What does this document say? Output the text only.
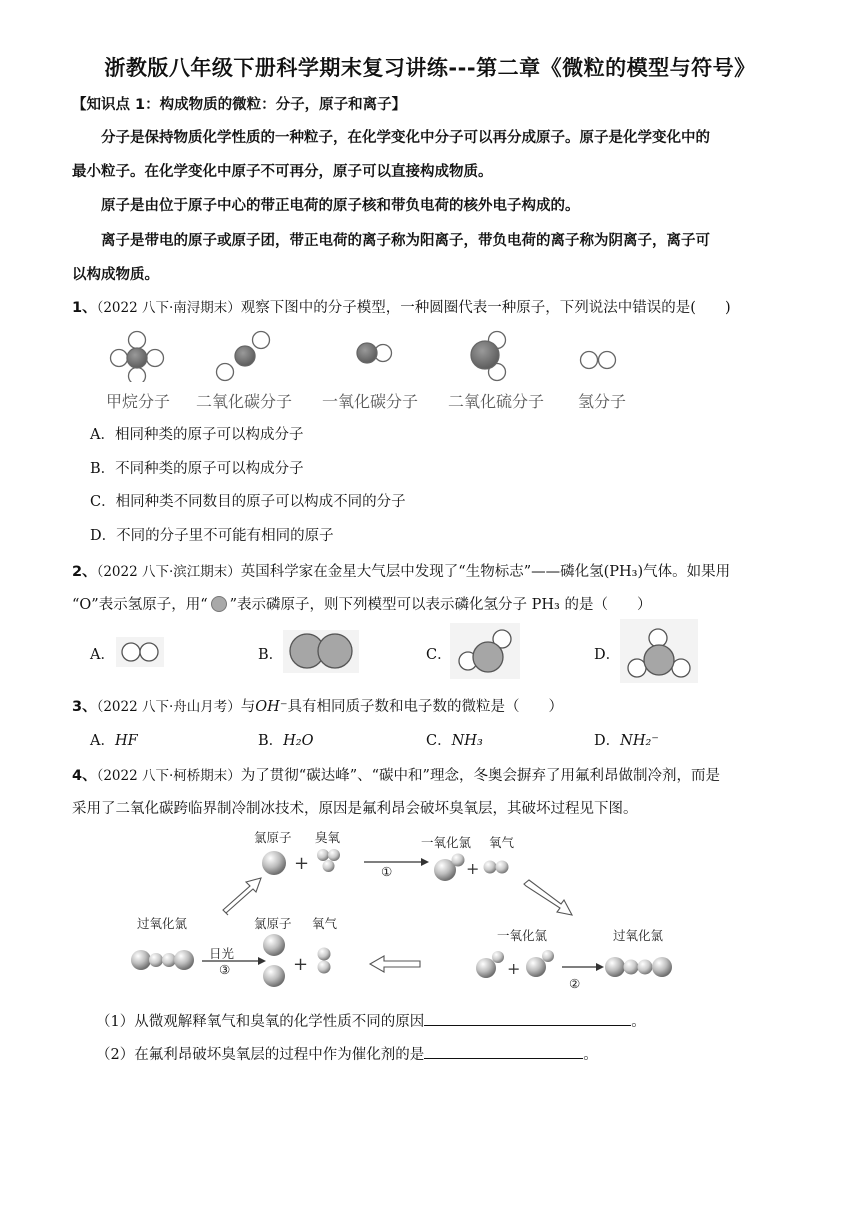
浙教版八年级下册科学期末复习讲练---第二章《微粒的模型与符号》
【知识点 1：构成物质的微粒：分子，原子和离子】
分子是保持物质化学性质的一种粒子，在化学变化中分子可以再分成原子。原子是化学变化中的
最小粒子。在化学变化中原子不可再分，原子可以直接构成物质。
原子是由位于原子中心的带正电荷的原子核和带负电荷的核外电子构成的。
离子是带电的原子或原子团，带正电荷的离子称为阳离子，带负电荷的离子称为阴离子，离子可
以构成物质。
1、（2022 八下·南浔期末）观察下图中的分子模型，一种圆圈代表一种原子，下列说法中错误的是(　　)
甲烷分子 二氧化碳分子 一氧化碳分子 二氧化硫分子 氢分子
A．相同种类的原子可以构成分子
B．不同种类的原子可以构成分子
C．相同种类不同数目的原子可以构成不同的分子
D．不同的分子里不可能有相同的原子
2、（2022 八下·滨江期末）英国科学家在金星大气层中发现了“生物标志”——磷化氢(PH₃)气体。如果用
“O”表示氢原子，用“ ”表示磷原子，则下列模型可以表示磷化氢分子 PH₃ 的是（　　）
A．	B．	C．	D．
3、（2022 八下·舟山月考）与OH⁻具有相同质子数和电子数的微粒是（　　）
A．HF	B．H₂O	C．NH₃	D．NH₂⁻
4、（2022 八下·柯桥期末）为了贯彻“碳达峰”、“碳中和”理念，冬奥会摒弃了用氟利昂做制冷剂，而是
采用了二氧化碳跨临界制冷制冰技术，原因是氟利昂会破坏臭氧层，其破坏过程见下图。
+	+
+	+
氯原子 臭氧	一氧化氯 氧气
①
过氧化氯
日光
③
氯原子 氧气
一氧化氯
②
过氧化氯
（1）从微观解释氧气和臭氧的化学性质不同的原因	。
（2）在氟利昂破坏臭氧层的过程中作为催化剂的是	。
